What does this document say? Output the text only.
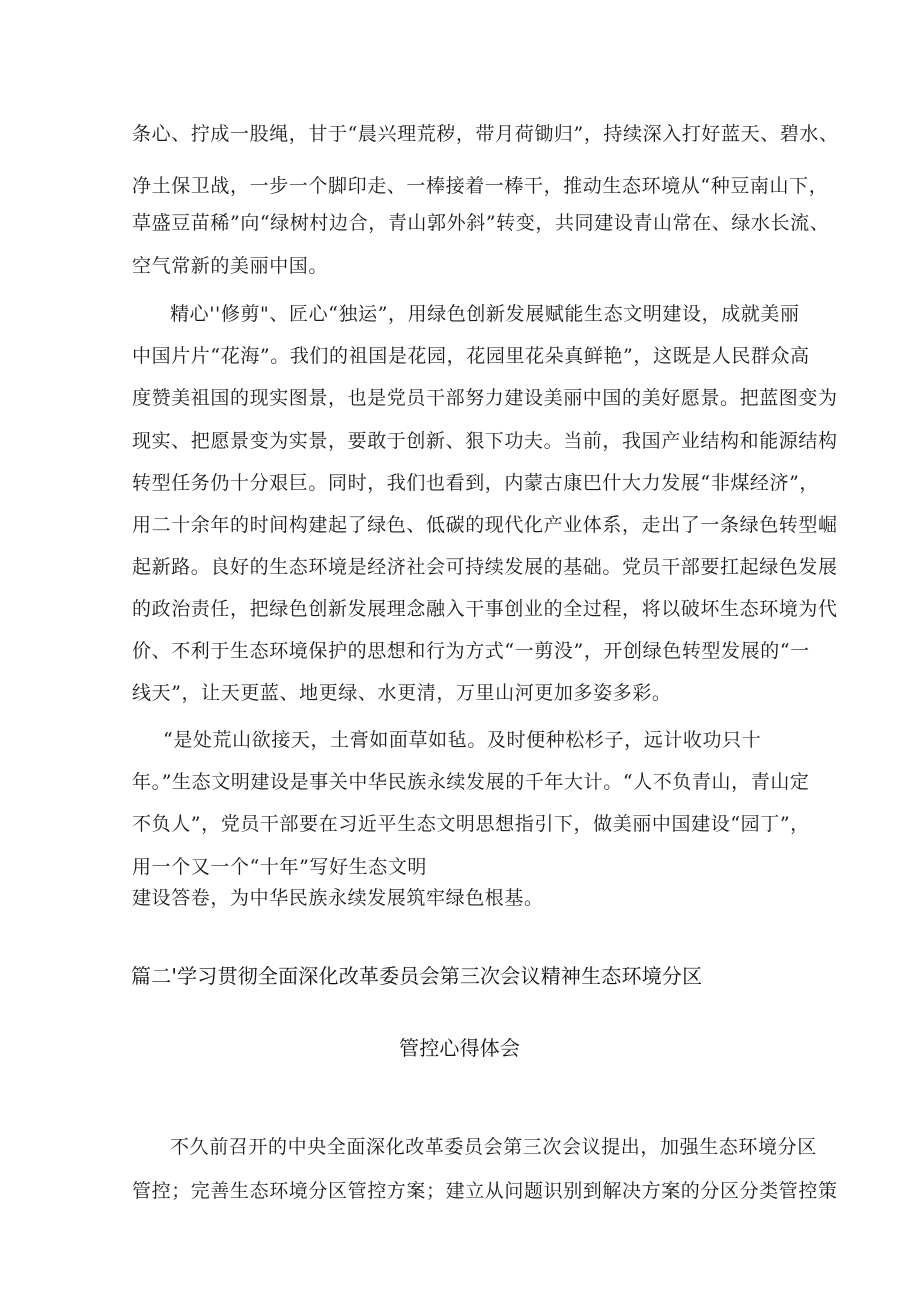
条心、拧成一股绳，甘于“晨兴理荒秽，带月荷锄归”，持续深入打好蓝天、碧水、
净土保卫战，一步一个脚印走、一棒接着一棒干，推动生态环境从“种豆南山下，
草盛豆苗稀”向“绿树村边合，青山郭外斜”转变，共同建设青山常在、绿水长流、
空气常新的美丽中国。
精心''修剪"、匠心“独运”，用绿色创新发展赋能生态文明建设，成就美丽
中国片片“花海”。我们的祖国是花园，花园里花朵真鲜艳”，这既是人民群众高
度赞美祖国的现实图景，也是党员干部努力建设美丽中国的美好愿景。把蓝图变为
现实、把愿景变为实景，要敢于创新、狠下功夫。当前，我国产业结构和能源结构
转型任务仍十分艰巨。同时，我们也看到，内蒙古康巴什大力发展“非煤经济”，
用二十余年的时间构建起了绿色、低碳的现代化产业体系，走出了一条绿色转型崛
起新路。良好的生态环境是经济社会可持续发展的基础。党员干部要扛起绿色发展
的政治责任，把绿色创新发展理念融入干事创业的全过程，将以破坏生态环境为代
价、不利于生态环境保护的思想和行为方式“一剪没”，开创绿色转型发展的“一
线天”，让天更蓝、地更绿、水更清，万里山河更加多姿多彩。
“是处荒山欲接天，土膏如面草如毡。及时便种松杉子，远计收功只十
年。”生态文明建设是事关中华民族永续发展的千年大计。“人不负青山，青山定
不负人”，党员干部要在习近平生态文明思想指引下，做美丽中国建设“园丁”，
用一个又一个“十年”写好生态文明
建设答卷，为中华民族永续发展筑牢绿色根基。
篇二'学习贯彻全面深化改革委员会第三次会议精神生态环境分区
管控心得体会
不久前召开的中央全面深化改革委员会第三次会议提出，加强生态环境分区
管控；完善生态环境分区管控方案；建立从问题识别到解决方案的分区分类管控策
